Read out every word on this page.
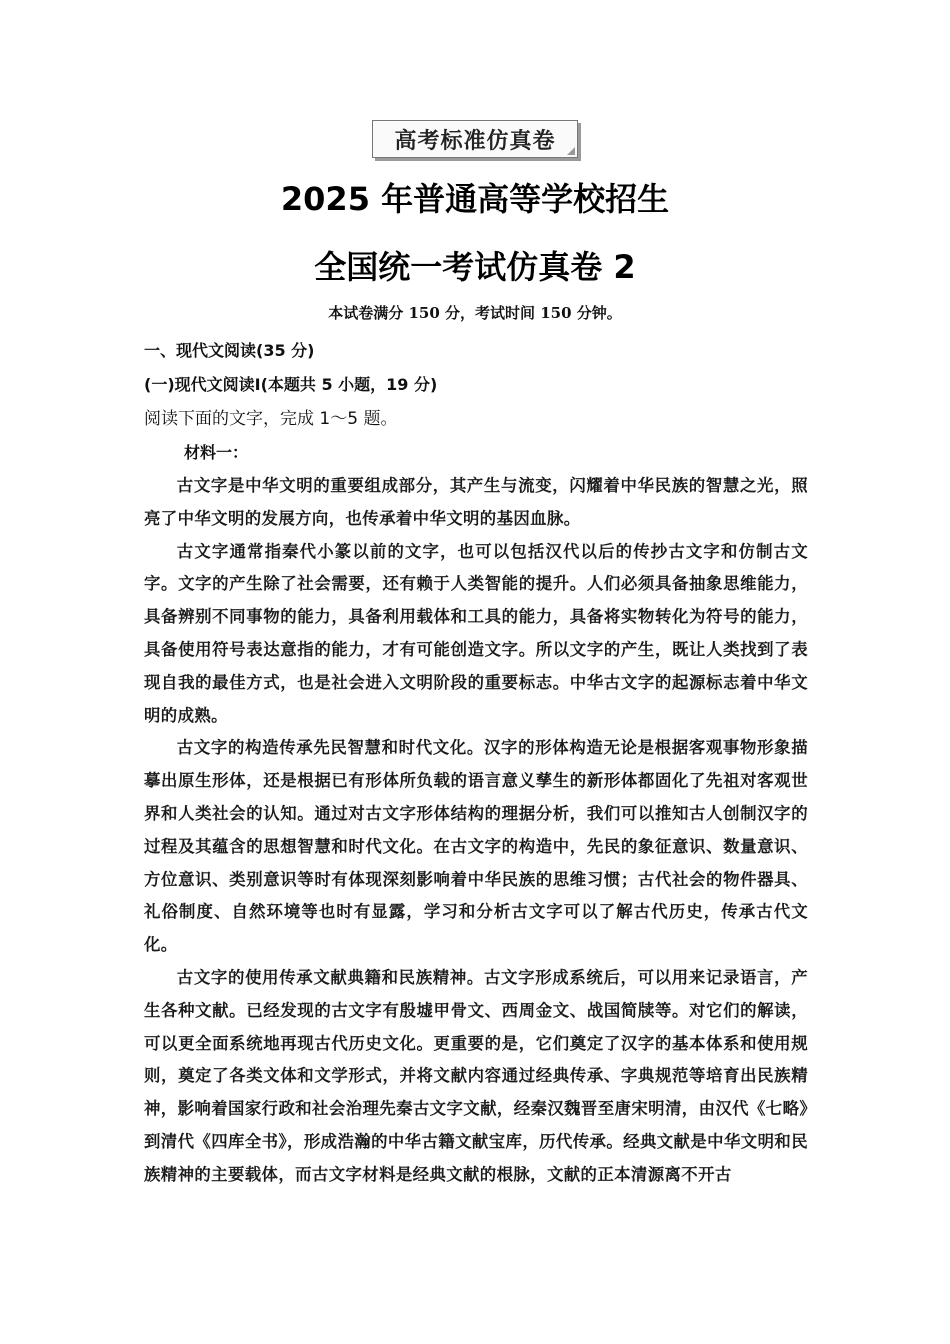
高考标准仿真卷
2025 年普通高等学校招生
全国统一考试仿真卷 2
本试卷满分 150 分，考试时间 150 分钟。
一、现代文阅读(35 分)
(一)现代文阅读Ⅰ(本题共 5 小题，19 分)
阅读下面的文字，完成 1～5 题。
材料一：

古文字是中华文明的重要组成部分，其产生与流变，闪耀着中华民族的智慧之光，照亮了中华文明的发展方向，也传承着中华文明的基因血脉。

古文字通常指秦代小篆以前的文字，也可以包括汉代以后的传抄古文字和仿制古文字。文字的产生除了社会需要，还有赖于人类智能的提升。人们必须具备抽象思维能力，具备辨别不同事物的能力，具备利用载体和工具的能力，具备将实物转化为符号的能力，具备使用符号表达意指的能力，才有可能创造文字。所以文字的产生，既让人类找到了表现自我的最佳方式，也是社会进入文明阶段的重要标志。中华古文字的起源标志着中华文明的成熟。

古文字的构造传承先民智慧和时代文化。汉字的形体构造无论是根据客观事物形象描摹出原生形体，还是根据已有形体所负载的语言意义孳生的新形体都固化了先祖对客观世界和人类社会的认知。通过对古文字形体结构的理据分析，我们可以推知古人创制汉字的过程及其蕴含的思想智慧和时代文化。在古文字的构造中，先民的象征意识、数量意识、方位意识、类别意识等时有体现深刻影响着中华民族的思维习惯；古代社会的物件器具、礼俗制度、自然环境等也时有显露，学习和分析古文字可以了解古代历史，传承古代文化。

古文字的使用传承文献典籍和民族精神。古文字形成系统后，可以用来记录语言，产生各种文献。已经发现的古文字有殷墟甲骨文、西周金文、战国简牍等。对它们的解读，可以更全面系统地再现古代历史文化。更重要的是，它们奠定了汉字的基本体系和使用规则，奠定了各类文体和文学形式，并将文献内容通过经典传承、字典规范等培育出民族精神，影响着国家行政和社会治理先秦古文字文献，经秦汉魏晋至唐宋明清，由汉代《七略》到清代《四库全书》，形成浩瀚的中华古籍文献宝库，历代传承。经典文献是中华文明和民族精神的主要载体，而古文字材料是经典文献的根脉，文献的正本清源离不开古
